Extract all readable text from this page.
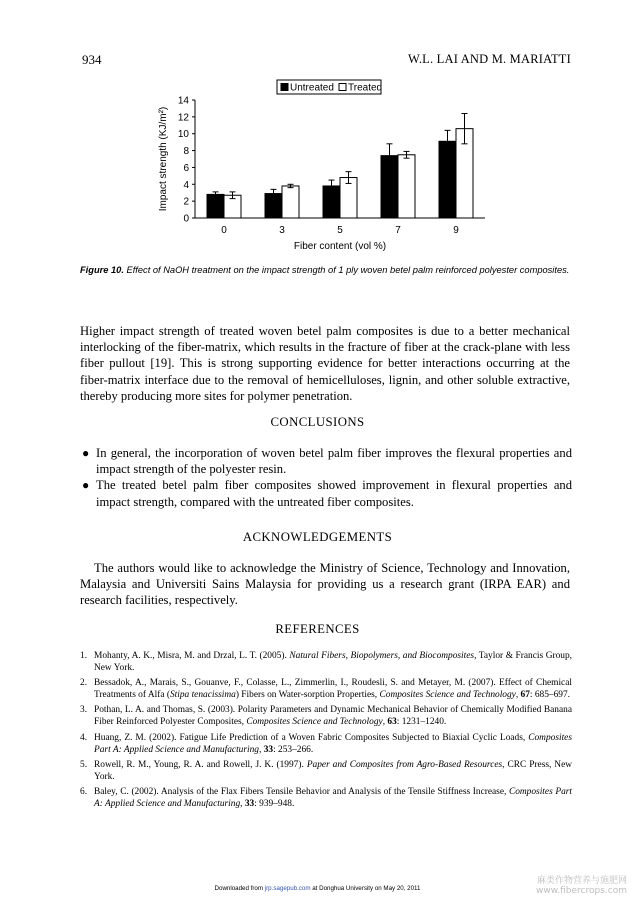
934	W.L. LAI AND M. MARIATTI
0
2
4
6
8
10
12
14
Impact strength (KJ/m²)
0	3	5	7	9
Fiber content (vol %)
Untreated Treated
Figure 10. Effect of NaOH treatment on the impact strength of 1 ply woven betel palm reinforced polyester composites.
Higher impact strength of treated woven betel palm composites is due to a better mechanical interlocking of the fiber-matrix, which results in the fracture of fiber at the crack-plane with less fiber pullout [19]. This is strong supporting evidence for better interactions occurring at the fiber-matrix interface due to the removal of hemicelluloses, lignin, and other soluble extractive, thereby producing more sites for polymer penetration.
CONCLUSIONS
● In general, the incorporation of woven betel palm fiber improves the flexural properties and impact strength of the polyester resin.
● The treated betel palm fiber composites showed improvement in flexural properties and impact strength, compared with the untreated fiber composites.
ACKNOWLEDGEMENTS
The authors would like to acknowledge the Ministry of Science, Technology and Innovation, Malaysia and Universiti Sains Malaysia for providing us a research grant (IRPA EAR) and research facilities, respectively.
REFERENCES
1. Mohanty, A. K., Misra, M. and Drzal, L. T. (2005). Natural Fibers, Biopolymers, and Biocomposites, Taylor & Francis Group, New York.
2. Bessadok, A., Marais, S., Gouanve, F., Colasse, L., Zimmerlin, I., Roudesli, S. and Metayer, M. (2007). Effect of Chemical Treatments of Alfa (Stipa tenacissima) Fibers on Water-sorption Properties, Composites Science and Technology, 67: 685–697.
3. Pothan, L. A. and Thomas, S. (2003). Polarity Parameters and Dynamic Mechanical Behavior of Chemically Modified Banana Fiber Reinforced Polyester Composites, Composites Science and Technology, 63: 1231–1240.
4. Huang, Z. M. (2002). Fatigue Life Prediction of a Woven Fabric Composites Subjected to Biaxial Cyclic Loads, Composites Part A: Applied Science and Manufacturing, 33: 253–266.
5. Rowell, R. M., Young, R. A. and Rowell, J. K. (1997). Paper and Composites from Agro-Based Resources, CRC Press, New York.
6. Baley, C. (2002). Analysis of the Flax Fibers Tensile Behavior and Analysis of the Tensile Stiffness Increase, Composites Part A: Applied Science and Manufacturing, 33: 939–948.
Downloaded from jrp.sagepub.com at Donghua University on May 20, 2011
麻类作物营养与施肥网
www.fibercrops.com
